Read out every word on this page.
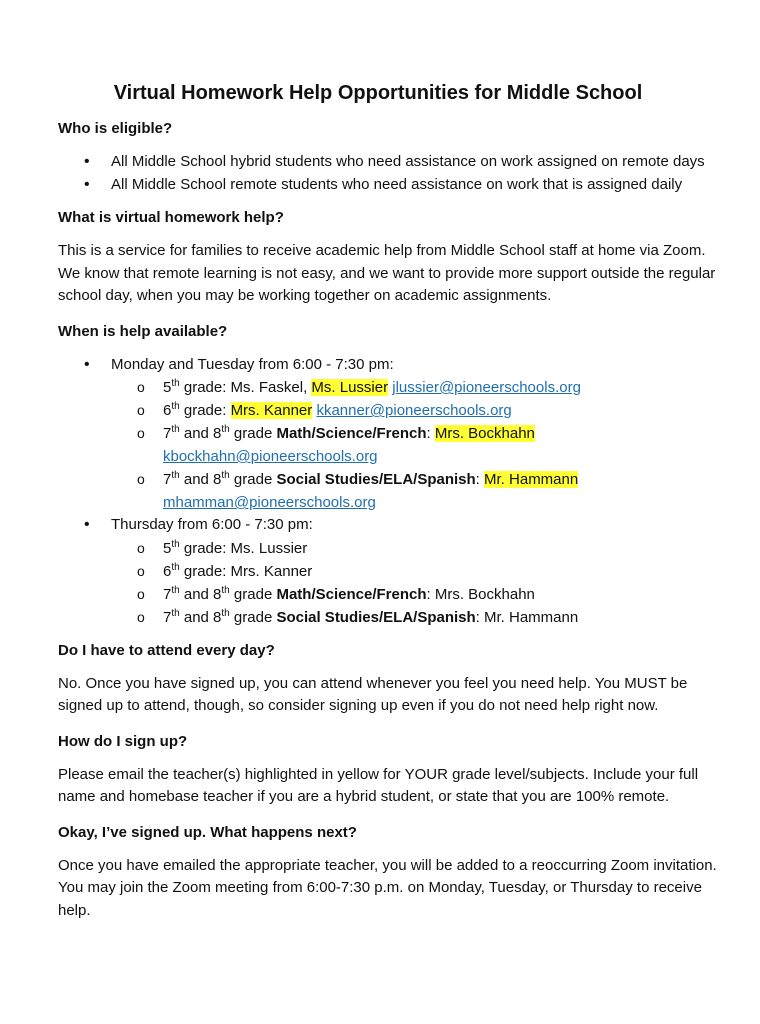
Virtual Homework Help Opportunities for Middle School
Who is eligible?
• All Middle School hybrid students who need assistance on work assigned on remote days
• All Middle School remote students who need assistance on work that is assigned daily
What is virtual homework help?

This is a service for families to receive academic help from Middle School staff at home via Zoom. We know that remote learning is not easy, and we want to provide more support outside the regular school day, when you may be working together on academic assignments.

When is help available?
• Monday and Tuesday from 6:00 - 7:30 pm:
o 5th grade: Ms. Faskel, Ms. Lussier jlussier@pioneerschools.org
o 6th grade: Mrs. Kanner kkanner@pioneerschools.org
o 7th and 8th grade Math/Science/French: Mrs. Bockhahn
kbockhahn@pioneerschools.org
o 7th and 8th grade Social Studies/ELA/Spanish: Mr. Hammann
mhamman@pioneerschools.org
• Thursday from 6:00 - 7:30 pm:
o 5th grade: Ms. Lussier
o 6th grade: Mrs. Kanner
o 7th and 8th grade Math/Science/French: Mrs. Bockhahn
o 7th and 8th grade Social Studies/ELA/Spanish: Mr. Hammann
Do I have to attend every day?

No. Once you have signed up, you can attend whenever you feel you need help. You MUST be signed up to attend, though, so consider signing up even if you do not need help right now.

How do I sign up?

Please email the teacher(s) highlighted in yellow for YOUR grade level/subjects. Include your full name and homebase teacher if you are a hybrid student, or state that you are 100% remote.

Okay, I’ve signed up. What happens next?

Once you have emailed the appropriate teacher, you will be added to a reoccurring Zoom invitation. You may join the Zoom meeting from 6:00-7:30 p.m. on Monday, Tuesday, or Thursday to receive help.
